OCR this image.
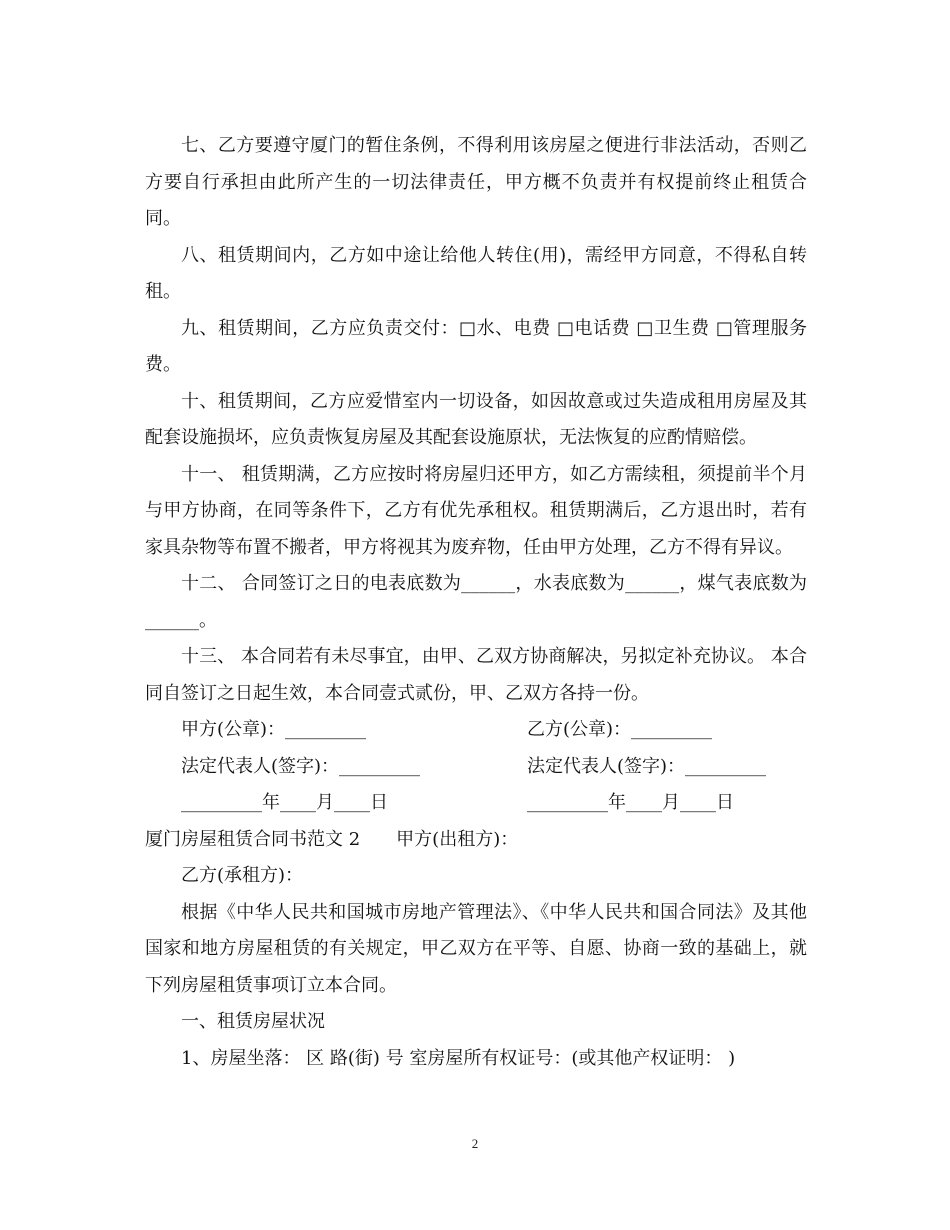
七、乙方要遵守厦门的暂住条例，不得利用该房屋之便进行非法活动，否则乙方要自行承担由此所产生的一切法律责任，甲方概不负责并有权提前终止租赁合同。

八、租赁期间内，乙方如中途让给他人转住(用)，需经甲方同意，不得私自转租。

九、租赁期间，乙方应负责交付：□水、电费 □电话费 □卫生费 □管理服务费。

十、租赁期间，乙方应爱惜室内一切设备，如因故意或过失造成租用房屋及其配套设施损坏，应负责恢复房屋及其配套设施原状，无法恢复的应酌情赔偿。

十一、 租赁期满，乙方应按时将房屋归还甲方，如乙方需续租，须提前半个月与甲方协商，在同等条件下，乙方有优先承租权。租赁期满后，乙方退出时，若有家具杂物等布置不搬者，甲方将视其为废弃物，任由甲方处理，乙方不得有异议。

十二、 合同签订之日的电表底数为______，水表底数为______，煤气表底数为______。

十三、 本合同若有未尽事宜，由甲、乙双方协商解决，另拟定补充协议。 本合同自签订之日起生效，本合同壹式贰份，甲、乙双方各持一份。

甲方(公章)：_________	乙方(公章)：_________
法定代表人(签字)：_________	法定代表人(签字)：_________
_________年____月____日	_________年____月____日

厦门房屋租赁合同书范文 2　　甲方(出租方)：

乙方(承租方)：

根据《中华人民共和国城市房地产管理法》、《中华人民共和国合同法》及其他国家和地方房屋租赁的有关规定，甲乙双方在平等、自愿、协商一致的基础上，就下列房屋租赁事项订立本合同。

一、租赁房屋状况

1、房屋坐落： 区 路(街) 号 室房屋所有权证号：(或其他产权证明： )

2
